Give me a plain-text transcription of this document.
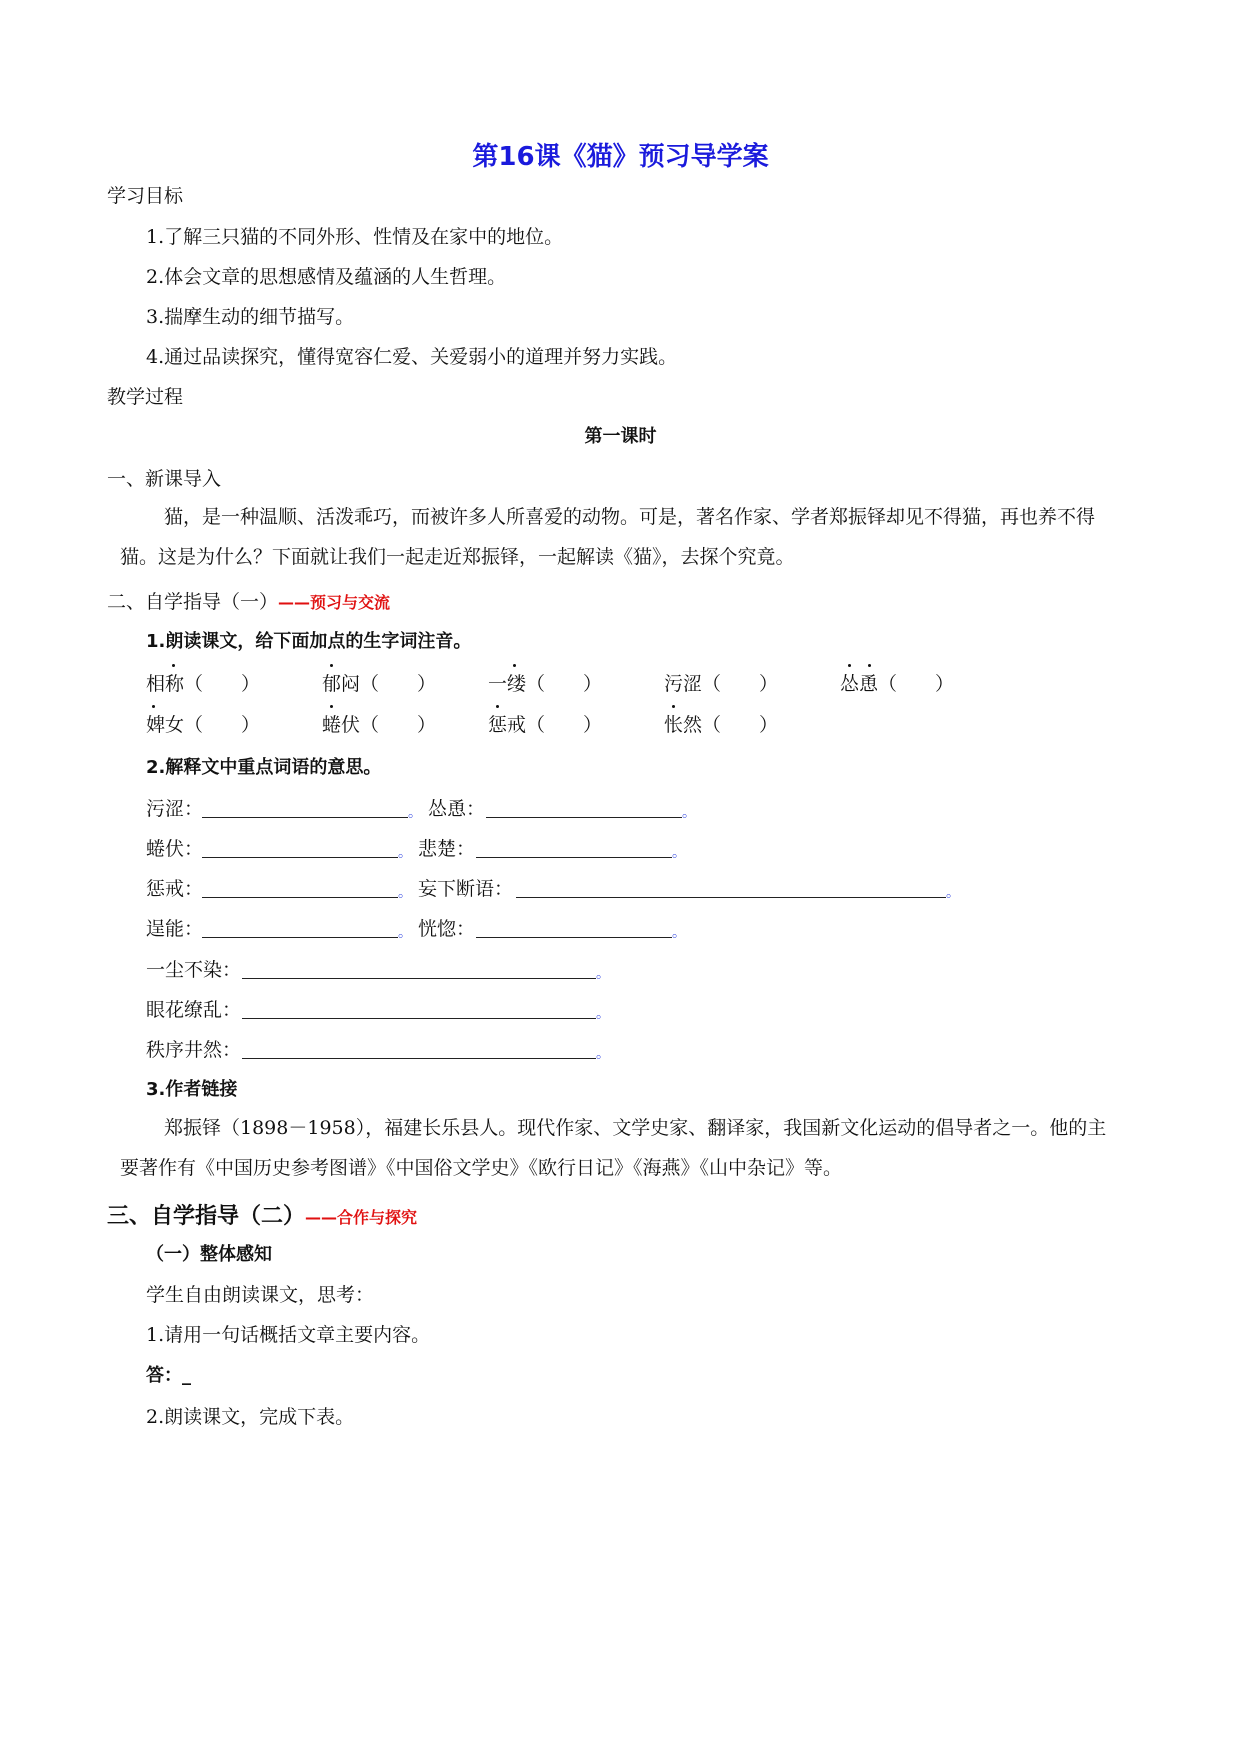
第16课《猫》预习导学案
学习目标
1.了解三只猫的不同外形、性情及在家中的地位。
2.体会文章的思想感情及蕴涵的人生哲理。
3.揣摩生动的细节描写。
4.通过品读探究，懂得宽容仁爱、关爱弱小的道理并努力实践。
教学过程
第一课时
一、新课导入
猫，是一种温顺、活泼乖巧，而被许多人所喜爱的动物。可是，著名作家、学者郑振铎却见不得猫，再也养不得猫。这是为什么？下面就让我们一起走近郑振铎，一起解读《猫》，去探个究竟。
二、自学指导（一）——预习与交流
1.朗读课文，给下面加点的生字词注音。
相称（　　）	郁闷（　　）	一缕（　　）	污涩（　　）	怂恿（　　）
婢女（　　）	蜷伏（　　）	惩戒（　　）	怅然（　　）
2.解释文中重点词语的意思。
污涩：	。 怂恿：	。
蜷伏：	。 悲楚：	。
惩戒：	。 妄下断语：	。
逞能：	。 恍惚：	。
一尘不染：	。
眼花缭乱：	。
秩序井然：	。
3.作者链接
郑振铎（1898－1958），福建长乐县人。现代作家、文学史家、翻译家，我国新文化运动的倡导者之一。他的主要著作有《中国历史参考图谱》《中国俗文学史》《欧行日记》《海燕》《山中杂记》等。
三、自学指导（二）——合作与探究
（一）整体感知
学生自由朗读课文，思考：
1.请用一句话概括文章主要内容。
答：_
2.朗读课文，完成下表。
